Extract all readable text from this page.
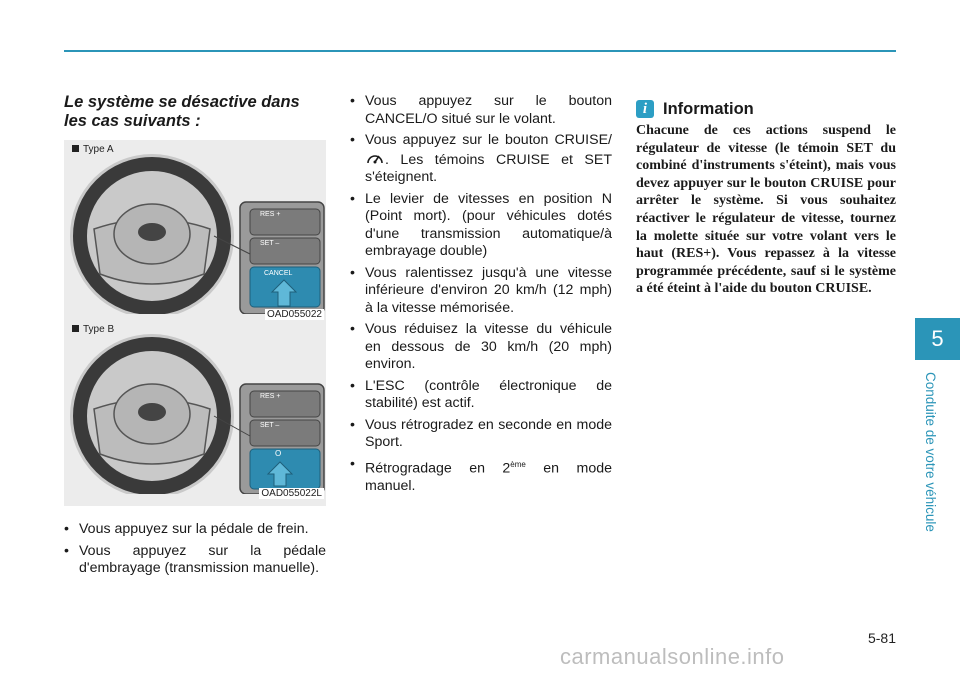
Le système se désactive dans les cas suivants :
Type A
RES +
SET –
CANCEL
OAD055022
Type B
RES +
SET –
O
OAD055022L
• Vous appuyez sur la pédale de frein.
• Vous appuyez sur la pédale d'embrayage (transmission manuelle).
• Vous appuyez sur le bouton CANCEL/O situé sur le volant.
• Vous appuyez sur le bouton CRUISE/. Les témoins CRUISE et SET s'éteignent.
• Le levier de vitesses en position N (Point mort). (pour véhicules dotés d'une transmission automatique/à embrayage double)
• Vous ralentissez jusqu'à une vitesse inférieure d'environ 20 km/h (12 mph) à la vitesse mémorisée.
• Vous réduisez la vitesse du véhicule en dessous de 30 km/h (20 mph) environ.
• L'ESC (contrôle électronique de stabilité) est actif.
• Vous rétrogradez en seconde en mode Sport.
• Rétrogradage en 2ème en mode manuel.
i Information
Chacune de ces actions suspend le régulateur de vitesse (le témoin SET du combiné d'instruments s'éteint), mais vous devez appuyer sur le bouton CRUISE pour arrêter le système. Si vous souhaitez réactiver le régulateur de vitesse, tournez la molette située sur votre volant vers le haut (RES+). Vous repassez à la vitesse programmée précédente, sauf si le système a été éteint à l'aide du bouton CRUISE.
5
Conduite de votre véhicule
5-81
carmanualsonline.info
